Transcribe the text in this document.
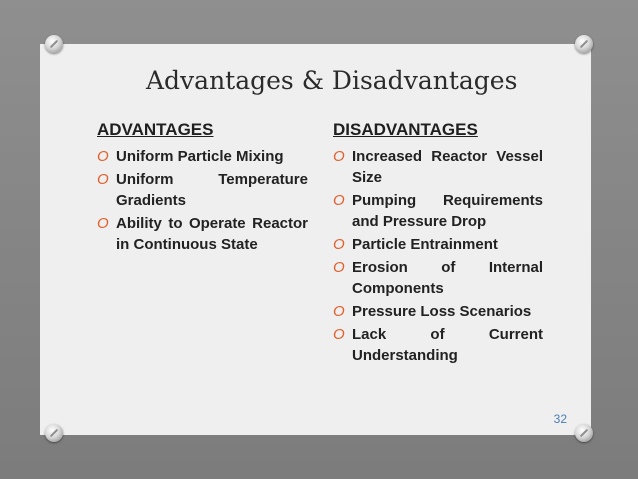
Advantages & Disadvantages
ADVANTAGES
O Uniform Particle Mixing
O Uniform Temperature Gradients
O Ability to Operate Reactor in Continuous State
DISADVANTAGES
O Increased Reactor Vessel Size
O Pumping Requirements and Pressure Drop
O Particle Entrainment
O Erosion of Internal Components
O Pressure Loss Scenarios
O Lack of Current Understanding
32
